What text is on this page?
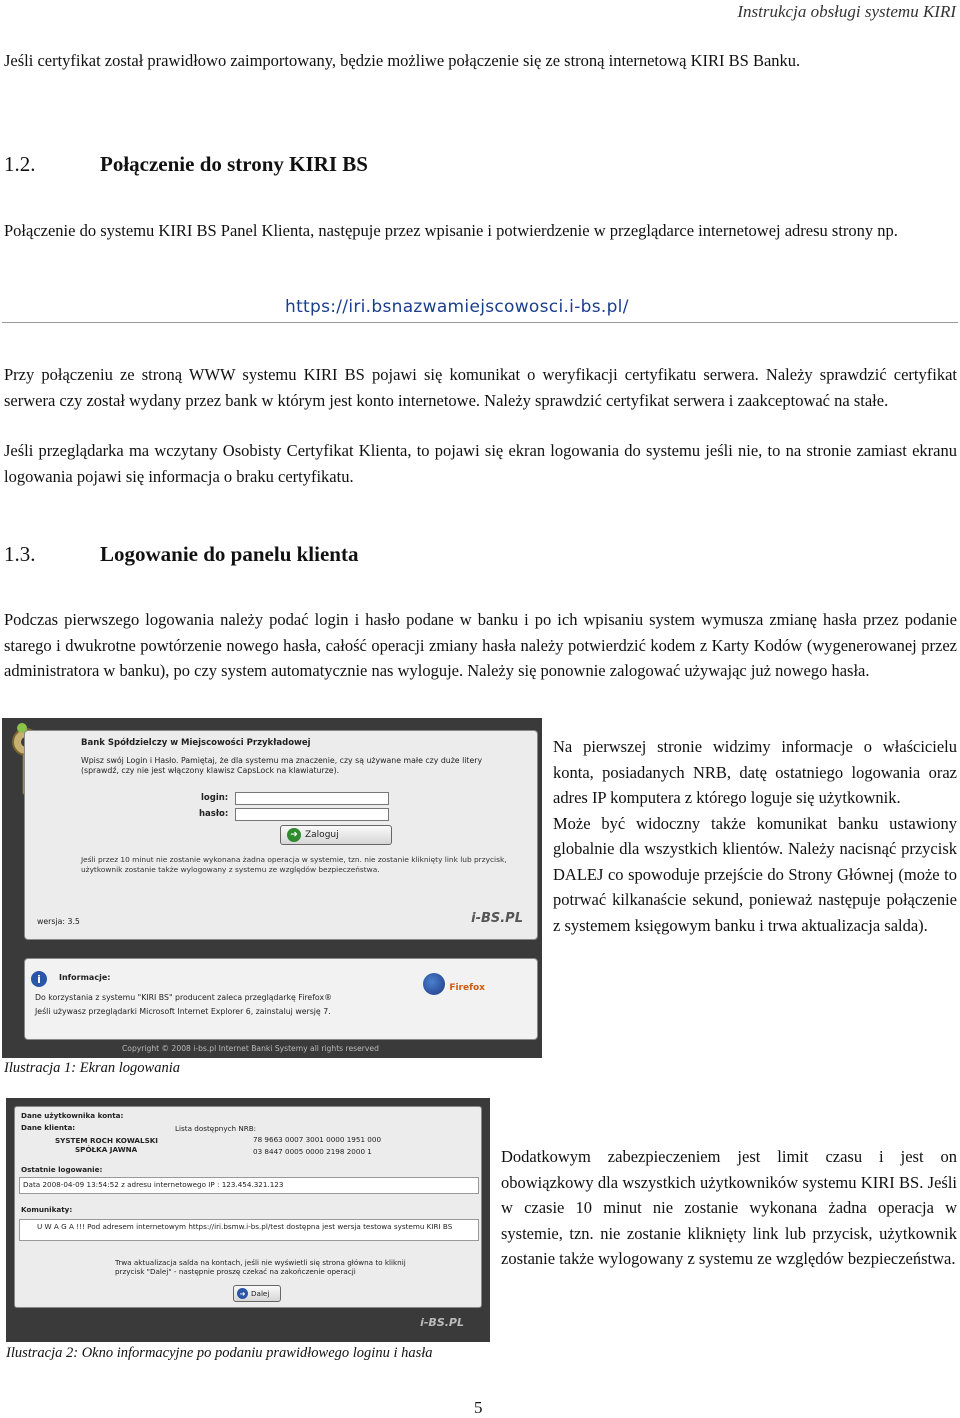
Instrukcja obsługi systemu KIRI

Jeśli certyfikat został prawidłowo zaimportowany, będzie możliwe połączenie się ze stroną internetową KIRI BS Banku.

1.2.	Połączenie do strony KIRI BS

Połączenie do systemu KIRI BS Panel Klienta, następuje przez wpisanie i potwierdzenie w przeglądarce internetowej adresu strony np.

https://iri.bsnazwamiejscowosci.i-bs.pl/

Przy połączeniu ze stroną WWW systemu KIRI BS pojawi się komunikat o weryfikacji certyfikatu serwera. Należy sprawdzić certyfikat serwera czy został wydany przez bank w którym jest konto internetowe. Należy sprawdzić certyfikat serwera i zaakceptować na stałe.

Jeśli przeglądarka ma wczytany Osobisty Certyfikat Klienta, to pojawi się ekran logowania do systemu jeśli nie, to na stronie zamiast ekranu logowania pojawi się informacja o braku certyfikatu.

1.3.	Logowanie do panelu klienta

Podczas pierwszego logowania należy podać login i hasło podane w banku i po ich wpisaniu system wymusza zmianę hasła przez podanie starego i dwukrotne powtórzenie nowego hasła, całość operacji zmiany hasła należy potwierdzić kodem z Karty Kodów (wygenerowanej przez administratora w banku), po czy system automatycznie nas wyloguje. Należy się ponownie zalogować używając już nowego hasła.

Bank Spółdzielczy w Miejscowości Przykładowej
Wpisz swój Login i Hasło. Pamiętaj, że dla systemu ma znaczenie, czy są używane małe czy duże litery (sprawdź, czy nie jest włączony klawisz CapsLock na klawiaturze).
login:
hasło:
➜ Zaloguj
Jeśli przez 10 minut nie zostanie wykonana żadna operacja w systemie, tzn. nie zostanie kliknięty link lub przycisk, użytkownik zostanie także wylogowany z systemu ze względów bezpieczeństwa.
wersja: 3.5	i-BS.PL
i	Informacje:
Do korzystania z systemu "KIRI BS" producent zaleca przeglądarkę Firefox®
Jeśli używasz przeglądarki Microsoft Internet Explorer 6, zainstaluj wersję 7.
Firefox
Copyright © 2008 i-bs.pl Internet Banki Systemy all rights reserved

Na pierwszej stronie widzimy informacje o właścicielu konta, posiadanych NRB, datę ostatniego logowania oraz adres IP komputera z którego loguje się użytkownik.

Może być widoczny także komunikat banku ustawiony globalnie dla wszystkich klientów. Należy nacisnąć przycisk DALEJ co spowoduje przejście do Strony Głównej (może to potrwać kilkanaście sekund, ponieważ następuje połączenie z systemem księgowym banku i trwa aktualizacja salda).

Ilustracja 1: Ekran logowania
Dane użytkownika konta:
Dane klienta:	Lista dostępnych NRB:
SYSTEM ROCH KOWALSKI
SPÓŁKA JAWNA
78 9663 0007 3001 0000 1951 000
03 8447 0005 0000 2198 2000 1
Ostatnie logowanie:
Data 2008-04-09 13:54:52 z adresu internetowego IP : 123.454.321.123
Komunikaty:
U W A G A !!! Pod adresem internetowym https://iri.bsmw.i-bs.pl/test dostępna jest wersja testowa systemu KIRI BS
Trwa aktualizacja salda na kontach, jeśli nie wyświetli się strona główna to kliknij przycisk "Dalej" - następnie proszę czekać na zakończenie operacji
➜ Dalej
i-BS.PL

Dodatkowym zabezpieczeniem jest limit czasu i jest on obowiązkowy dla wszystkich użytkowników systemu KIRI BS. Jeśli w czasie 10 minut nie zostanie wykonana żadna operacja w systemie, tzn. nie zostanie kliknięty link lub przycisk, użytkownik zostanie także wylogowany z systemu ze względów bezpieczeństwa.

Ilustracja 2: Okno informacyjne po podaniu prawidłowego loginu i hasła
5
